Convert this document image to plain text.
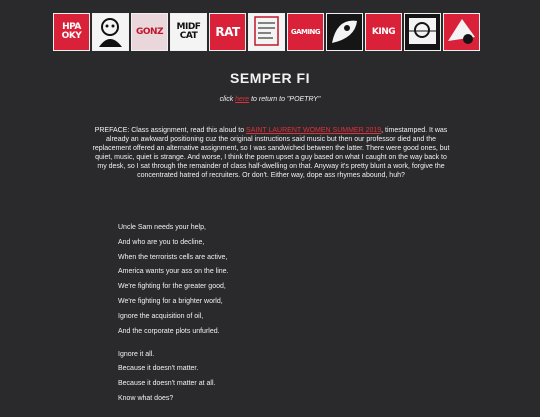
HPA
OKY	GONZ MIDF
CAT RAT	GAMING	KING
SEMPER FI
click here to return to "POETRY"
PREFACE: Class assignment, read this aloud to SAINT LAURENT WOMEN SUMMER 2019, timestamped. It was already an awkward positioning cuz the original instructions said music but then our professor died and the replacement offered an alternative assignment, so I was sandwiched between the latter. There were good ones, but quiet, music, quiet is strange. And worse, I think the poem upset a guy based on what I caught on the way back to my desk, so I sat through the remainder of class half-dwelling on that. Anyway it's pretty blunt a work, forgive the concentrated hatred of recruiters. Or don't. Either way, dope ass rhymes abound, huh?
Uncle Sam needs your help,
And who are you to decline,
When the terrorists cells are active,
America wants your ass on the line.
We're fighting for the greater good,
We're fighting for a brighter world,
Ignore the acquisition of oil,
And the corporate plots unfurled.
Ignore it all.
Because it doesn't matter.
Because it doesn't matter at all.
Know what does?
